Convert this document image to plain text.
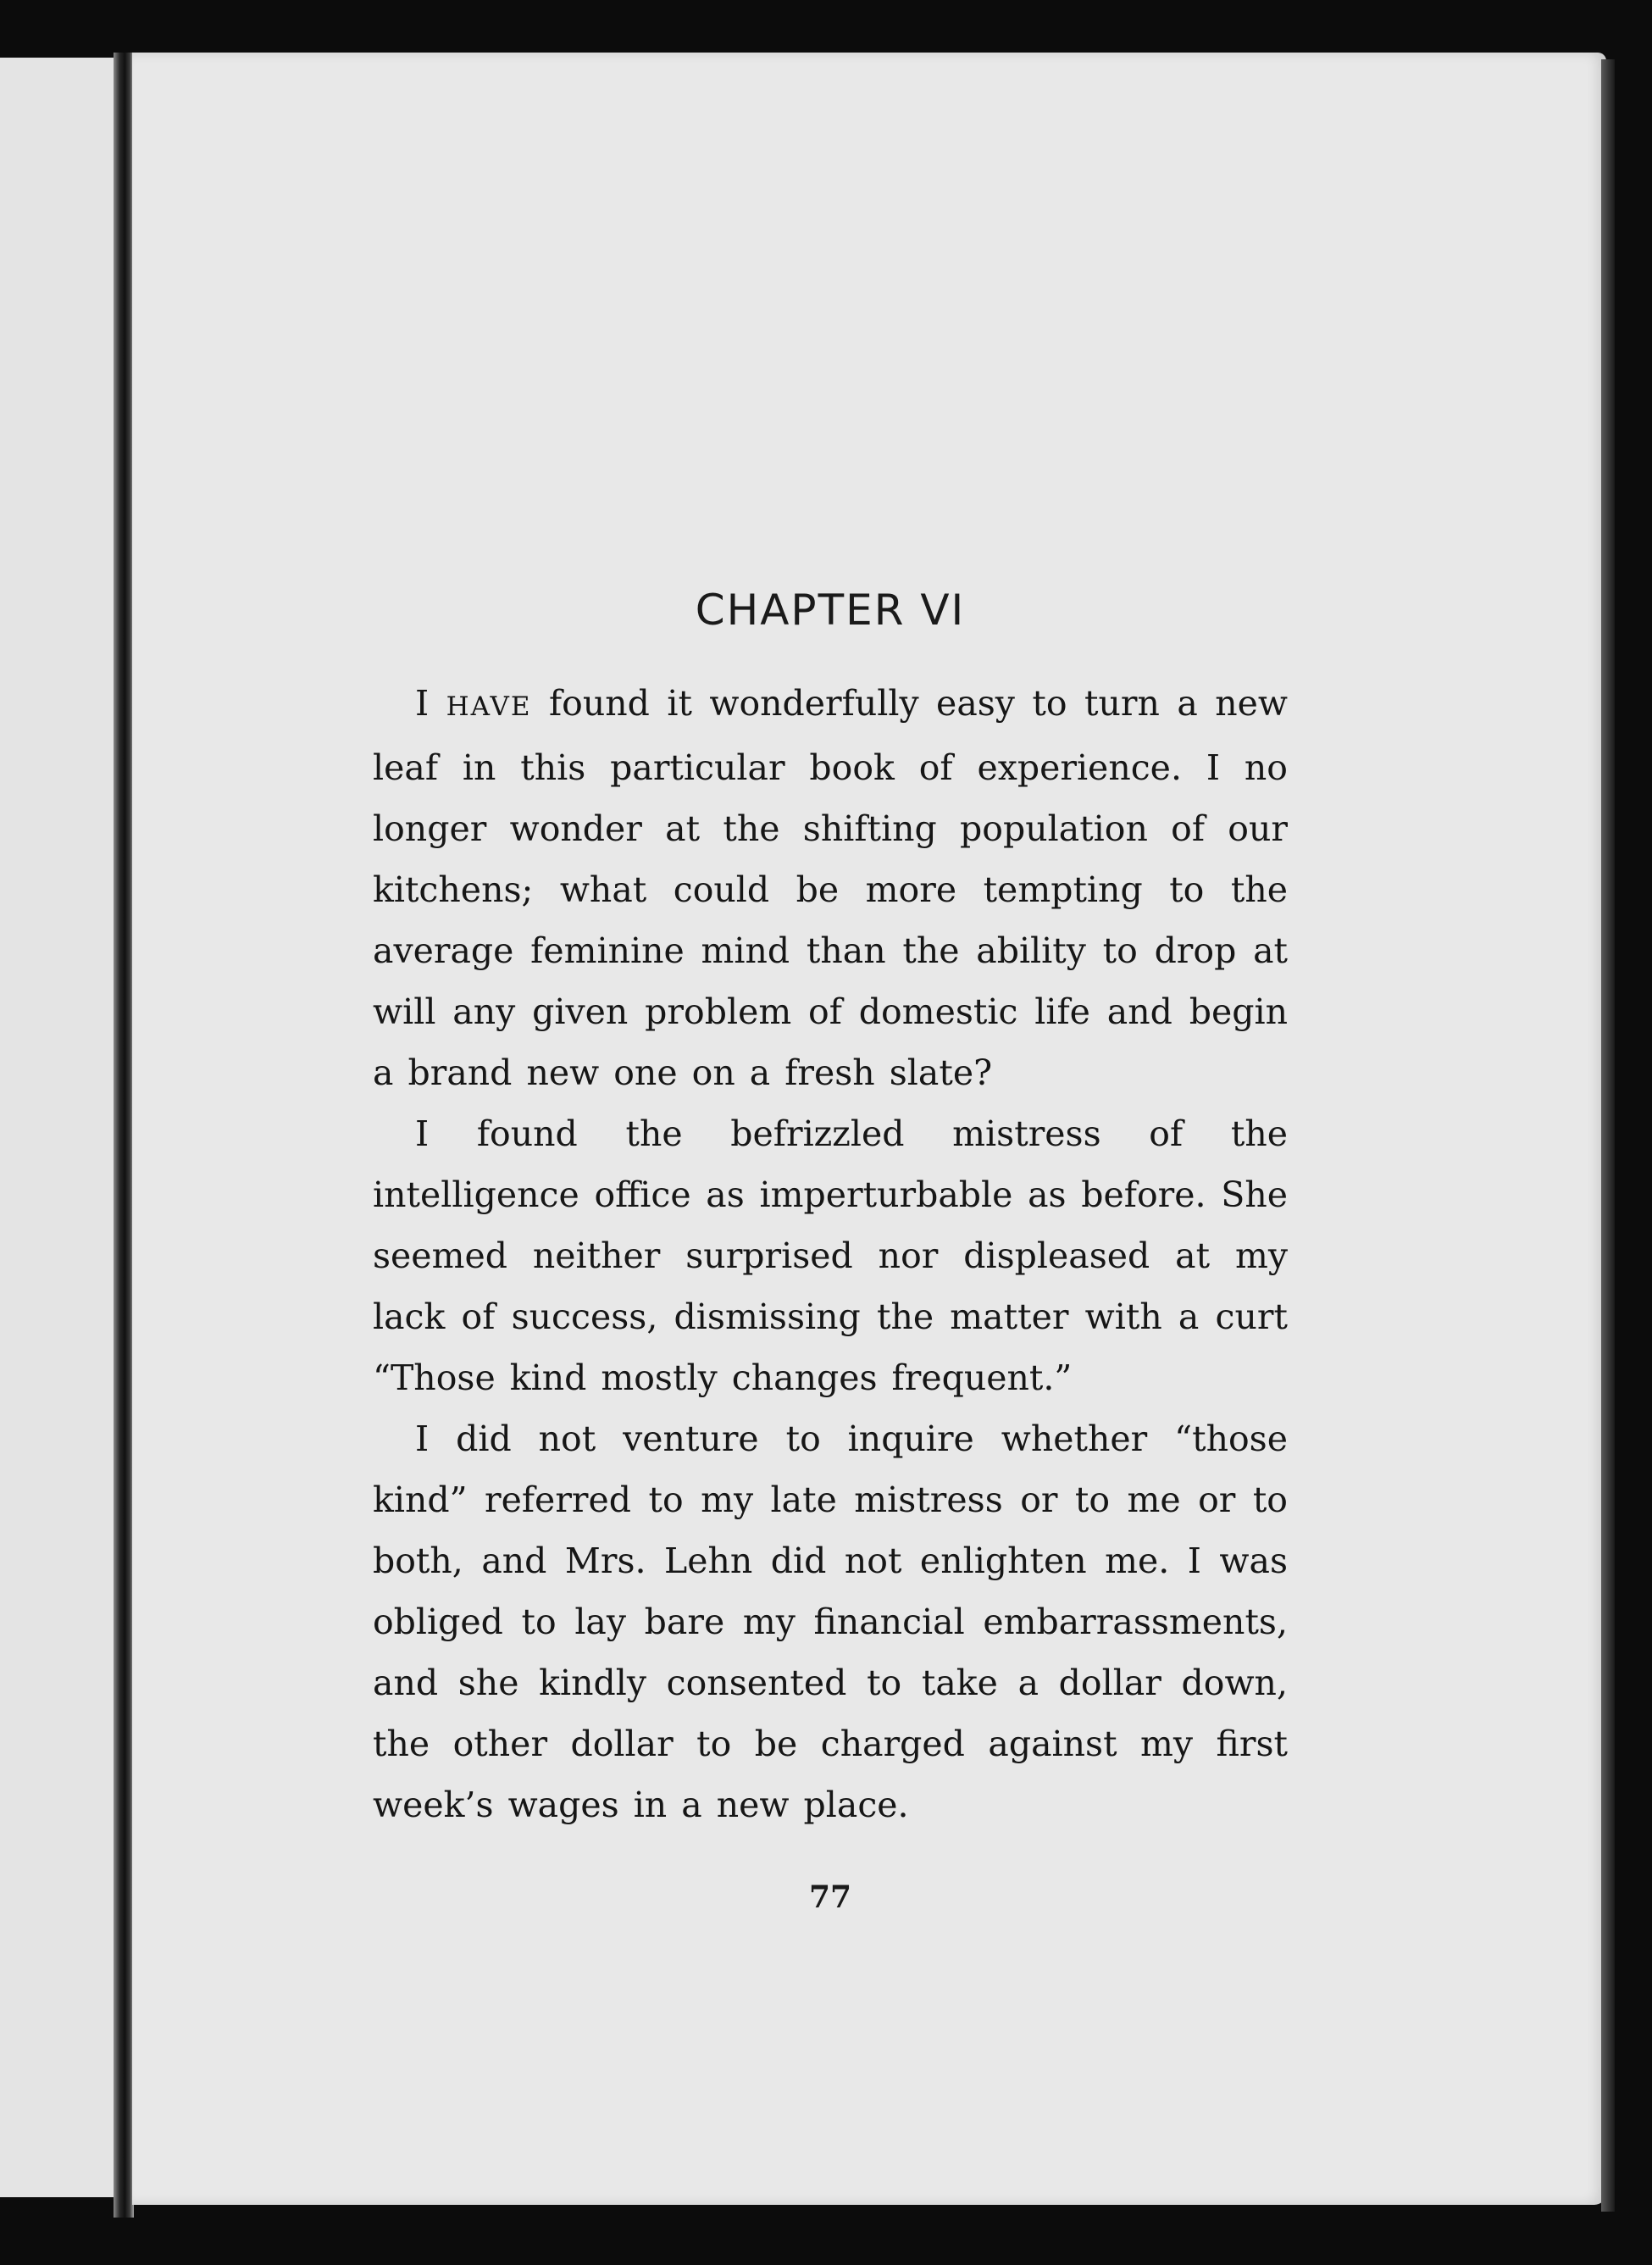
CHAPTER VI

I HAVE found it wonderfully easy to turn a new leaf in this particular book of experience. I no longer wonder at the shifting population of our kitchens; what could be more tempting to the average feminine mind than the ability to drop at will any given problem of domestic life and begin a brand new one on a fresh slate?

I found the befrizzled mistress of the intelligence office as imperturbable as before. She seemed neither surprised nor displeased at my lack of success, dismissing the matter with a curt “Those kind mostly changes frequent.”

I did not venture to inquire whether “those kind” referred to my late mistress or to me or to both, and Mrs. Lehn did not enlighten me. I was obliged to lay bare my financial embarrassments, and she kindly consented to take a dollar down, the other dollar to be charged against my first week’s wages in a new place.

77
